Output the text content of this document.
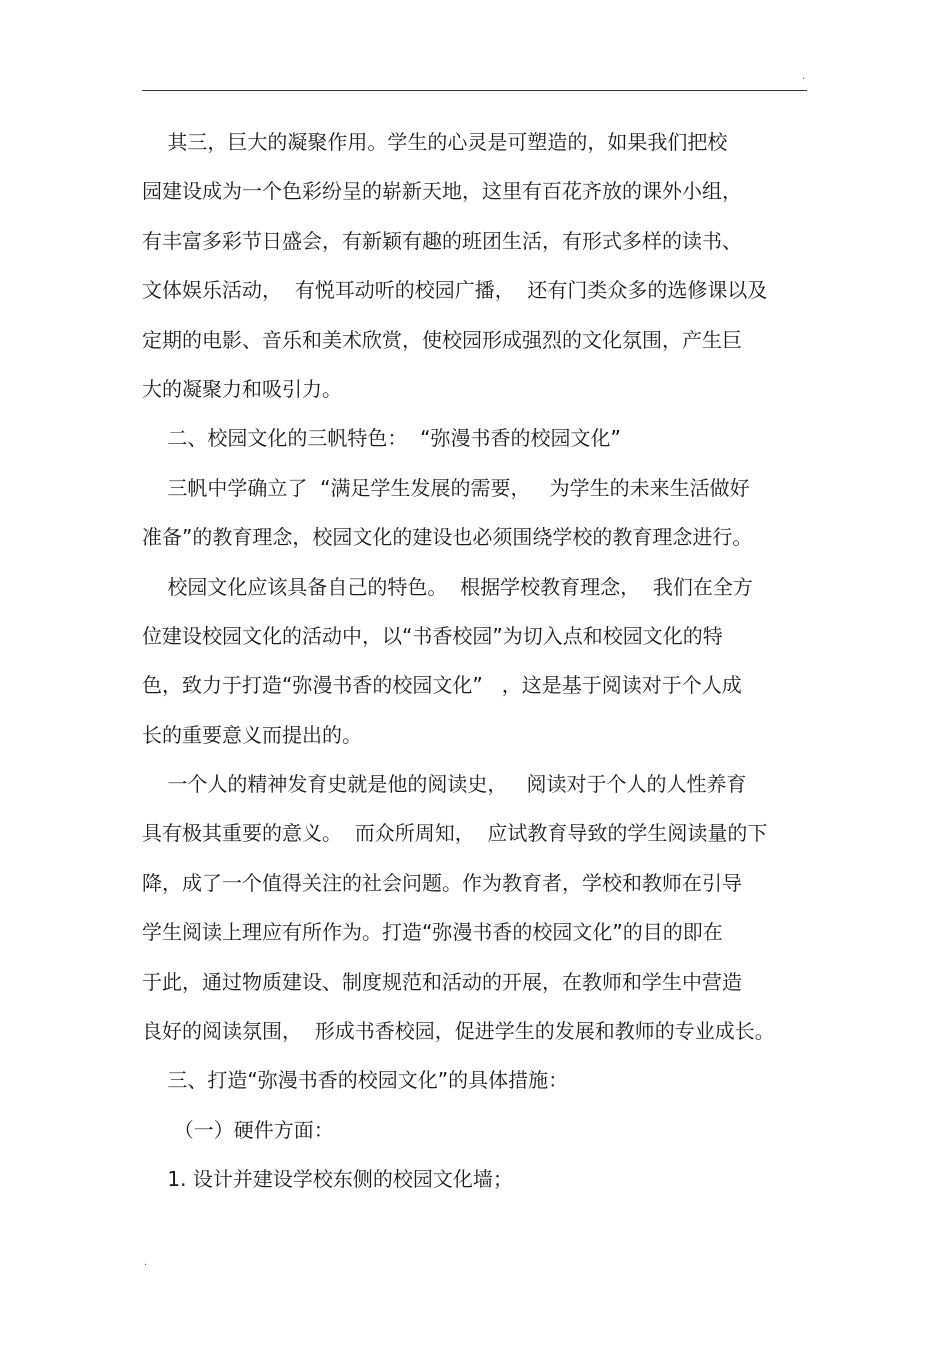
.
其三，巨大的凝聚作用。学生的心灵是可塑造的，如果我们把校
园建设成为一个色彩纷呈的崭新天地，这里有百花齐放的课外小组，
有丰富多彩节日盛会，有新颖有趣的班团生活，有形式多样的读书、
文体娱乐活动，  有悦耳动听的校园广播，  还有门类众多的选修课以及
定期的电影、音乐和美术欣赏，使校园形成强烈的文化氛围，产生巨
大的凝聚力和吸引力。
二、校园文化的三帆特色：  “弥漫书香的校园文化”
三帆中学确立了  “满足学生发展的需要，   为学生的未来生活做好
准备”的教育理念，校园文化的建设也必须围绕学校的教育理念进行。
校园文化应该具备自己的特色。  根据学校教育理念，  我们在全方
位建设校园文化的活动中，以“书香校园”为切入点和校园文化的特
色，致力于打造“弥漫书香的校园文化”   ，这是基于阅读对于个人成
长的重要意义而提出的。
一个人的精神发育史就是他的阅读史，   阅读对于个人的人性养育
具有极其重要的意义。  而众所周知，  应试教育导致的学生阅读量的下
降，成了一个值得关注的社会问题。作为教育者，学校和教师在引导
学生阅读上理应有所作为。打造“弥漫书香的校园文化”的目的即在
于此，通过物质建设、制度规范和活动的开展，在教师和学生中营造
良好的阅读氛围，  形成书香校园，促进学生的发展和教师的专业成长。
三、打造“弥漫书香的校园文化”的具体措施：
（一）硬件方面：
1. 设计并建设学校东侧的校园文化墙；
.
